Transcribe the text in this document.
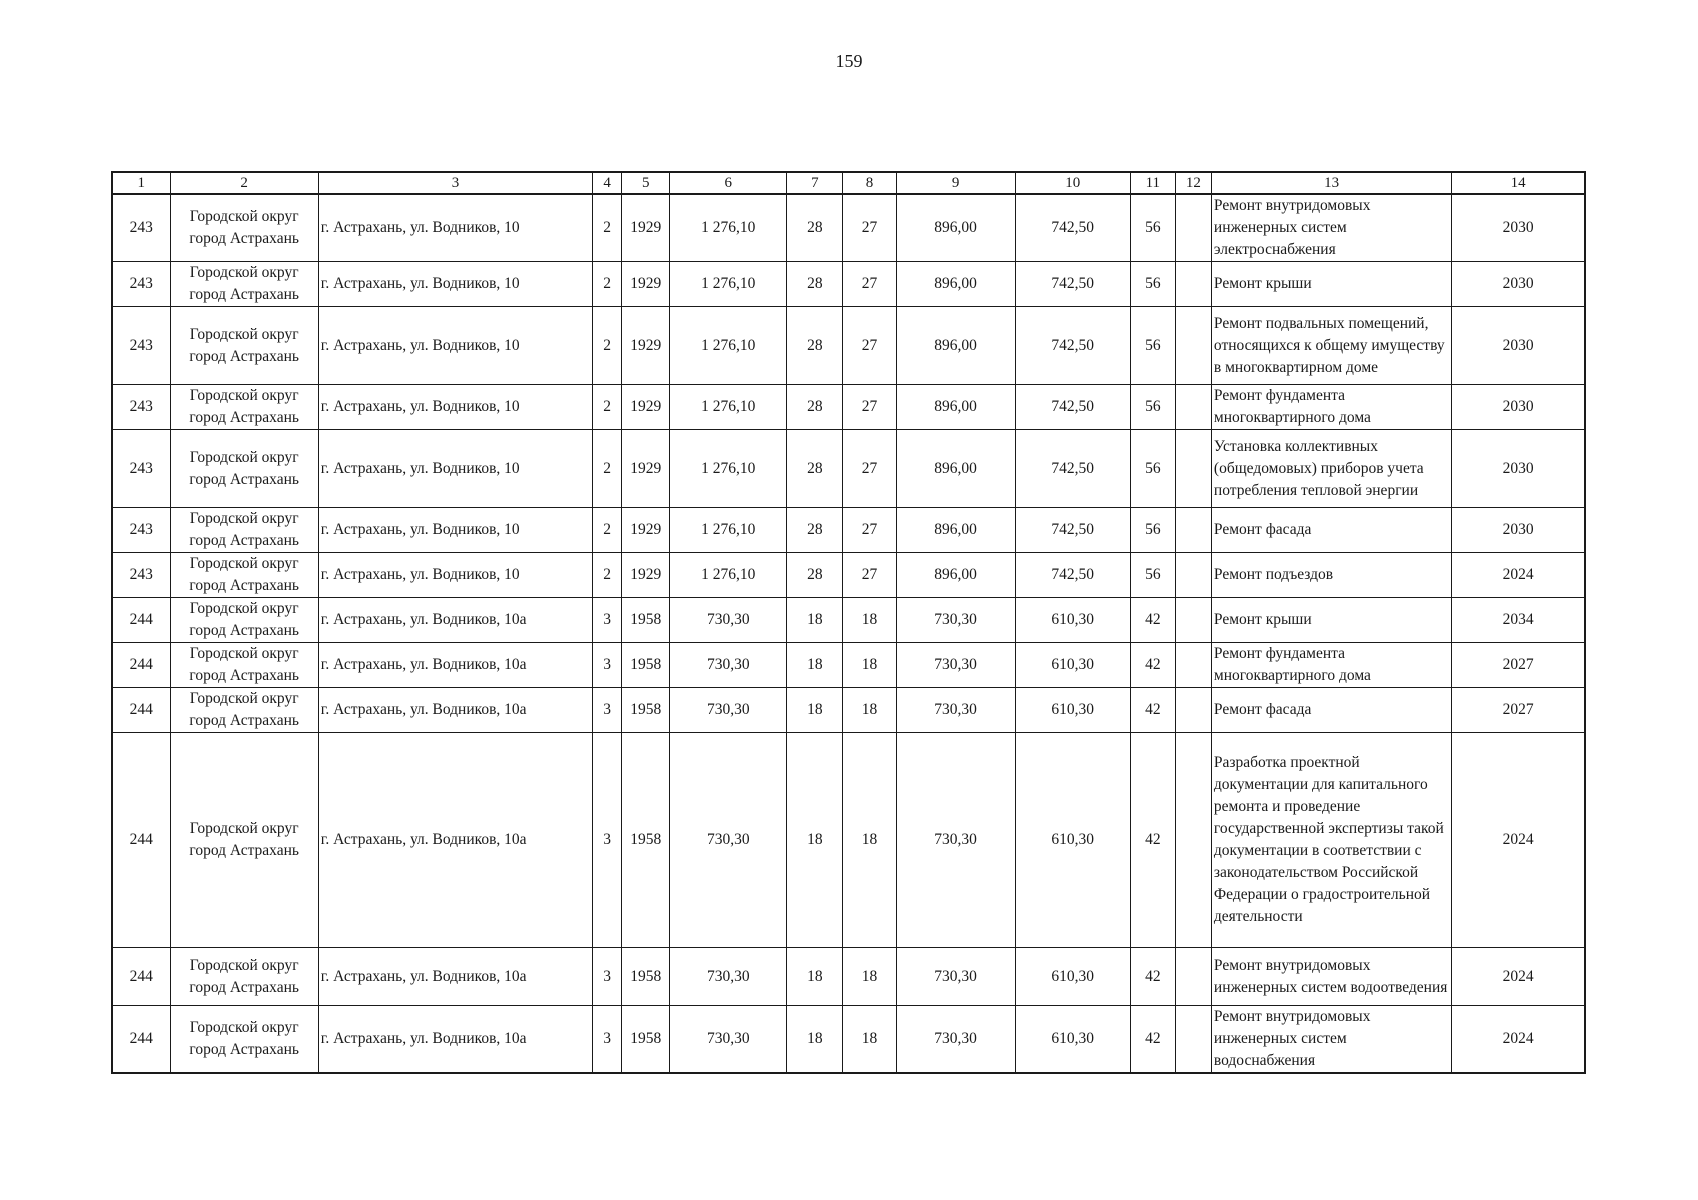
159
1	2	3	4	5	6	7	8	9	10	11	12	13	14
243	Городской округ город Астрахань	г. Астрахань, ул. Водников, 10	2	1929	1 276,10	28	27	896,00	742,50	56		Ремонт внутридомовых инженерных систем электроснабжения	2030
243	Городской округ город Астрахань	г. Астрахань, ул. Водников, 10	2	1929	1 276,10	28	27	896,00	742,50	56		Ремонт крыши	2030
243	Городской округ город Астрахань	г. Астрахань, ул. Водников, 10	2	1929	1 276,10	28	27	896,00	742,50	56		Ремонт подвальных помещений, относящихся к общему имуществу в многоквартирном доме	2030
243	Городской округ город Астрахань	г. Астрахань, ул. Водников, 10	2	1929	1 276,10	28	27	896,00	742,50	56		Ремонт фундамента многоквартирного дома	2030
243	Городской округ город Астрахань	г. Астрахань, ул. Водников, 10	2	1929	1 276,10	28	27	896,00	742,50	56		Установка коллективных (общедомовых) приборов учета потребления тепловой энергии	2030
243	Городской округ город Астрахань	г. Астрахань, ул. Водников, 10	2	1929	1 276,10	28	27	896,00	742,50	56		Ремонт фасада	2030
243	Городской округ город Астрахань	г. Астрахань, ул. Водников, 10	2	1929	1 276,10	28	27	896,00	742,50	56		Ремонт подъездов	2024
244	Городской округ город Астрахань	г. Астрахань, ул. Водников, 10а	3	1958	730,30	18	18	730,30	610,30	42		Ремонт крыши	2034
244	Городской округ город Астрахань	г. Астрахань, ул. Водников, 10а	3	1958	730,30	18	18	730,30	610,30	42		Ремонт фундамента многоквартирного дома	2027
244	Городской округ город Астрахань	г. Астрахань, ул. Водников, 10а	3	1958	730,30	18	18	730,30	610,30	42		Ремонт фасада	2027
244	Городской округ город Астрахань	г. Астрахань, ул. Водников, 10а	3	1958	730,30	18	18	730,30	610,30	42		Разработка проектной документации для капитального ремонта и проведение государственной экспертизы такой документации в соответствии с законодательством Российской Федерации о градостроительной деятельности	2024
244	Городской округ город Астрахань	г. Астрахань, ул. Водников, 10а	3	1958	730,30	18	18	730,30	610,30	42		Ремонт внутридомовых инженерных систем водоотведения	2024
244	Городской округ город Астрахань	г. Астрахань, ул. Водников, 10а	3	1958	730,30	18	18	730,30	610,30	42		Ремонт внутридомовых инженерных систем водоснабжения	2024
